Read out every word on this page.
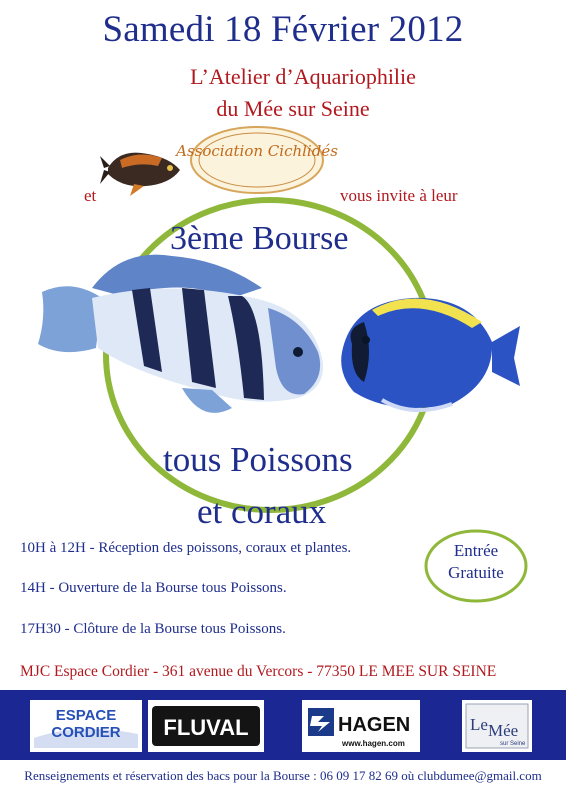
Samedi 18 Février 2012
L’Atelier d’Aquariophilie
du Mée sur Seine
Association Cichlidés
et	vous invite à leur
3ème Bourse
tous Poissons
et coraux
10H à 12H - Réception des poissons, coraux et plantes.
14H - Ouverture de la Bourse tous Poissons.
17H30 - Clôture de la Bourse tous Poissons.
Entrée
Gratuite
MJC Espace Cordier - 361 avenue du Vercors - 77350 LE MEE SUR SEINE
ESPACE
CORDIER FLUVAL	HAGEN
www.hagen.com
Le Mée
sur Seine
Renseignements et réservation des bacs pour la Bourse : 06 09 17 82 69 où clubdumee@gmail.com
